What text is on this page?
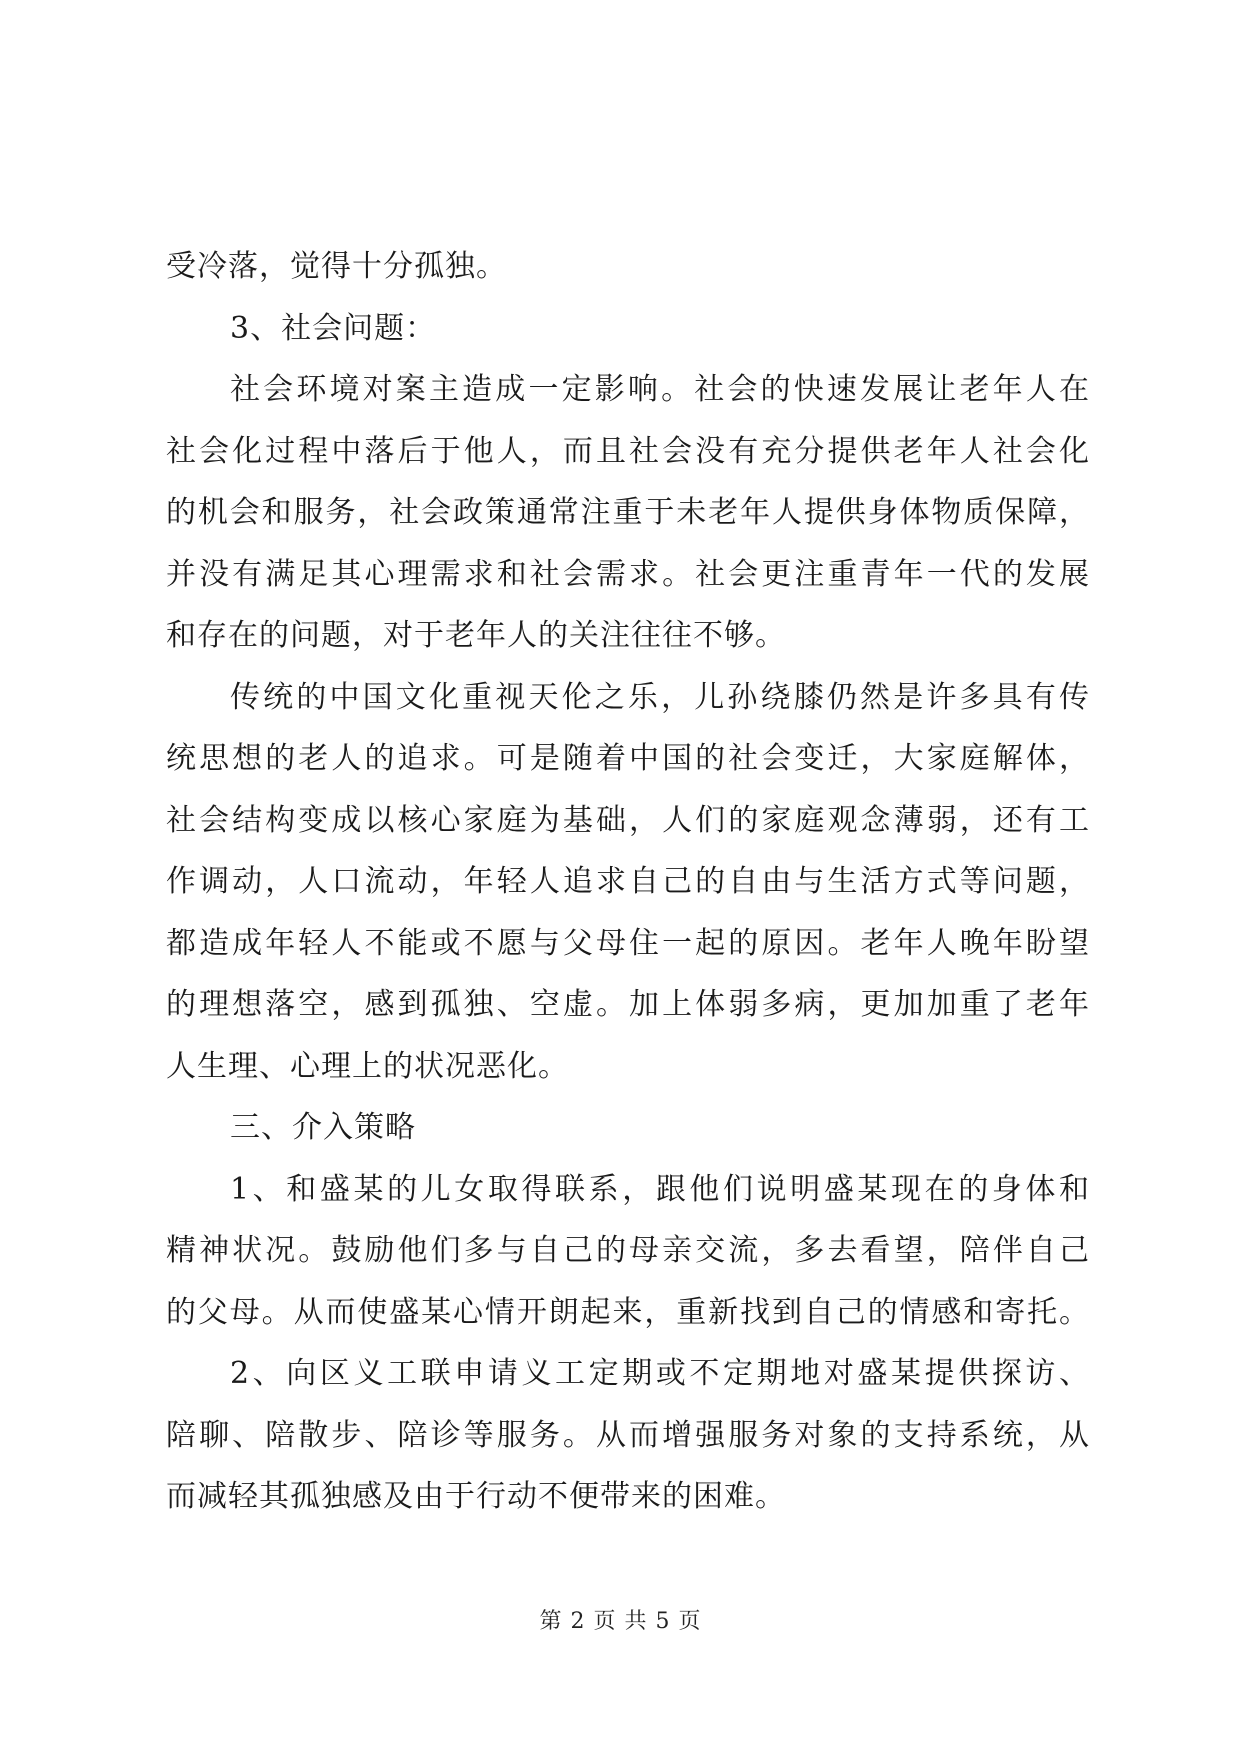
受冷落，觉得十分孤独。
3、社会问题：
社会环境对案主造成一定影响。社会的快速发展让老年人在
社会化过程中落后于他人，而且社会没有充分提供老年人社会化
的机会和服务，社会政策通常注重于未老年人提供身体物质保障，
并没有满足其心理需求和社会需求。社会更注重青年一代的发展
和存在的问题，对于老年人的关注往往不够。
传统的中国文化重视天伦之乐，儿孙绕膝仍然是许多具有传
统思想的老人的追求。可是随着中国的社会变迁，大家庭解体，
社会结构变成以核心家庭为基础，人们的家庭观念薄弱，还有工
作调动，人口流动，年轻人追求自己的自由与生活方式等问题，
都造成年轻人不能或不愿与父母住一起的原因。老年人晚年盼望
的理想落空，感到孤独、空虚。加上体弱多病，更加加重了老年
人生理、心理上的状况恶化。
三、介入策略
1、和盛某的儿女取得联系，跟他们说明盛某现在的身体和
精神状况。鼓励他们多与自己的母亲交流，多去看望，陪伴自己
的父母。从而使盛某心情开朗起来，重新找到自己的情感和寄托。
2、向区义工联申请义工定期或不定期地对盛某提供探访、
陪聊、陪散步、陪诊等服务。从而增强服务对象的支持系统，从
而减轻其孤独感及由于行动不便带来的困难。
第 2 页 共 5 页
